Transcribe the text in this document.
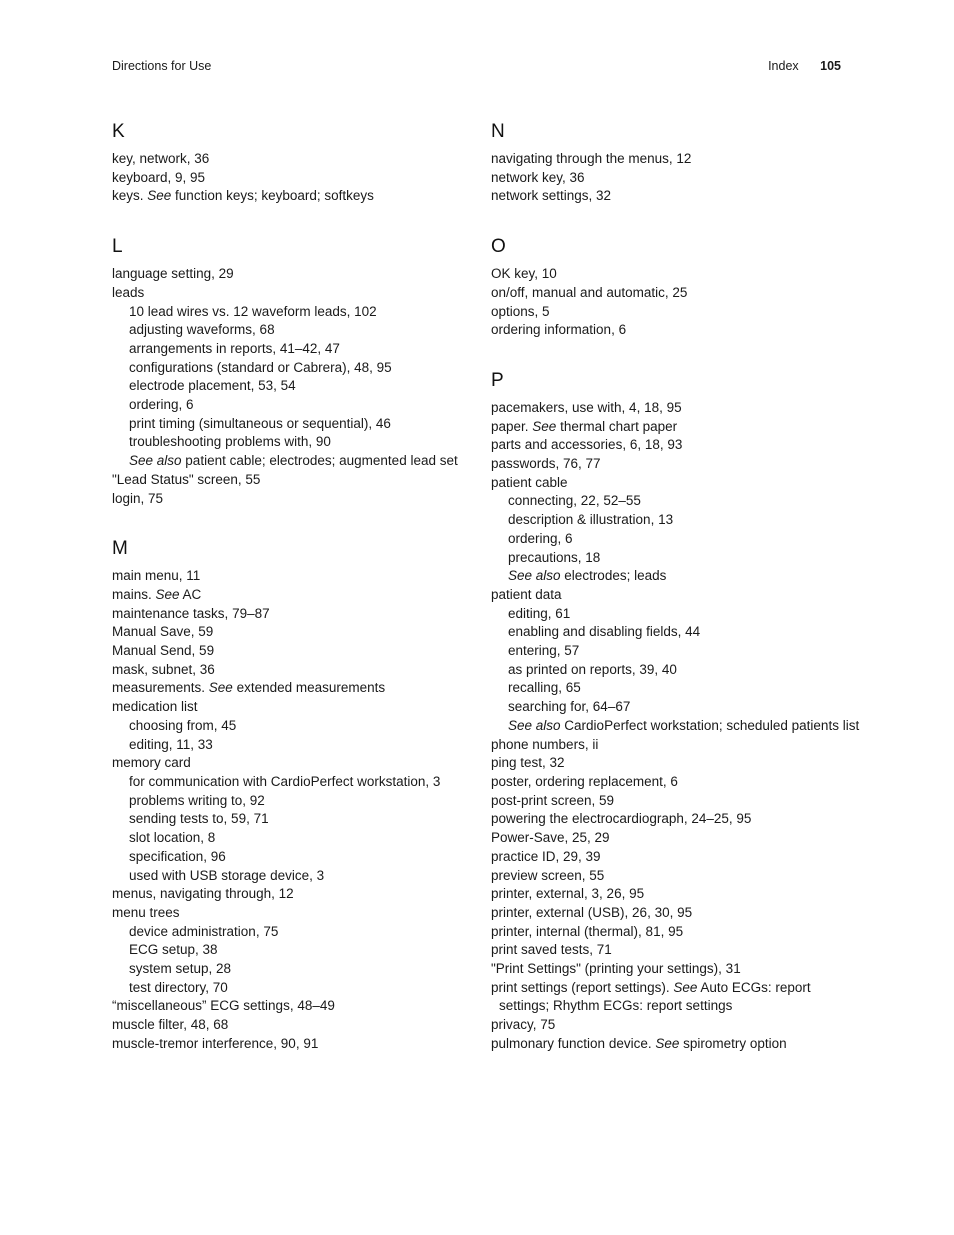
Directions for Use	Index 105
K
key, network, 36
keyboard, 9, 95
keys. See function keys; keyboard; softkeys
L
language setting, 29
leads
10 lead wires vs. 12 waveform leads, 102
adjusting waveforms, 68
arrangements in reports, 41–42, 47
configurations (standard or Cabrera), 48, 95
electrode placement, 53, 54
ordering, 6
print timing (simultaneous or sequential), 46
troubleshooting problems with, 90
See also patient cable; electrodes; augmented lead set
"Lead Status" screen, 55
login, 75
M
main menu, 11
mains. See AC
maintenance tasks, 79–87
Manual Save, 59
Manual Send, 59
mask, subnet, 36
measurements. See extended measurements
medication list
choosing from, 45
editing, 11, 33
memory card
for communication with CardioPerfect workstation, 3
problems writing to, 92
sending tests to, 59, 71
slot location, 8
specification, 96
used with USB storage device, 3
menus, navigating through, 12
menu trees
device administration, 75
ECG setup, 38
system setup, 28
test directory, 70
“miscellaneous” ECG settings, 48–49
muscle filter, 48, 68
muscle-tremor interference, 90, 91
N
navigating through the menus, 12
network key, 36
network settings, 32
O
OK key, 10
on/off, manual and automatic, 25
options, 5
ordering information, 6
P
pacemakers, use with, 4, 18, 95
paper. See thermal chart paper
parts and accessories, 6, 18, 93
passwords, 76, 77
patient cable
connecting, 22, 52–55
description & illustration, 13
ordering, 6
precautions, 18
See also electrodes; leads
patient data
editing, 61
enabling and disabling fields, 44
entering, 57
as printed on reports, 39, 40
recalling, 65
searching for, 64–67
See also CardioPerfect workstation; scheduled patients list
phone numbers, ii
ping test, 32
poster, ordering replacement, 6
post-print screen, 59
powering the electrocardiograph, 24–25, 95
Power-Save, 25, 29
practice ID, 29, 39
preview screen, 55
printer, external, 3, 26, 95
printer, external (USB), 26, 30, 95
printer, internal (thermal), 81, 95
print saved tests, 71
"Print Settings" (printing your settings), 31
print settings (report settings). See Auto ECGs: report settings; Rhythm ECGs: report settings
privacy, 75
pulmonary function device. See spirometry option
